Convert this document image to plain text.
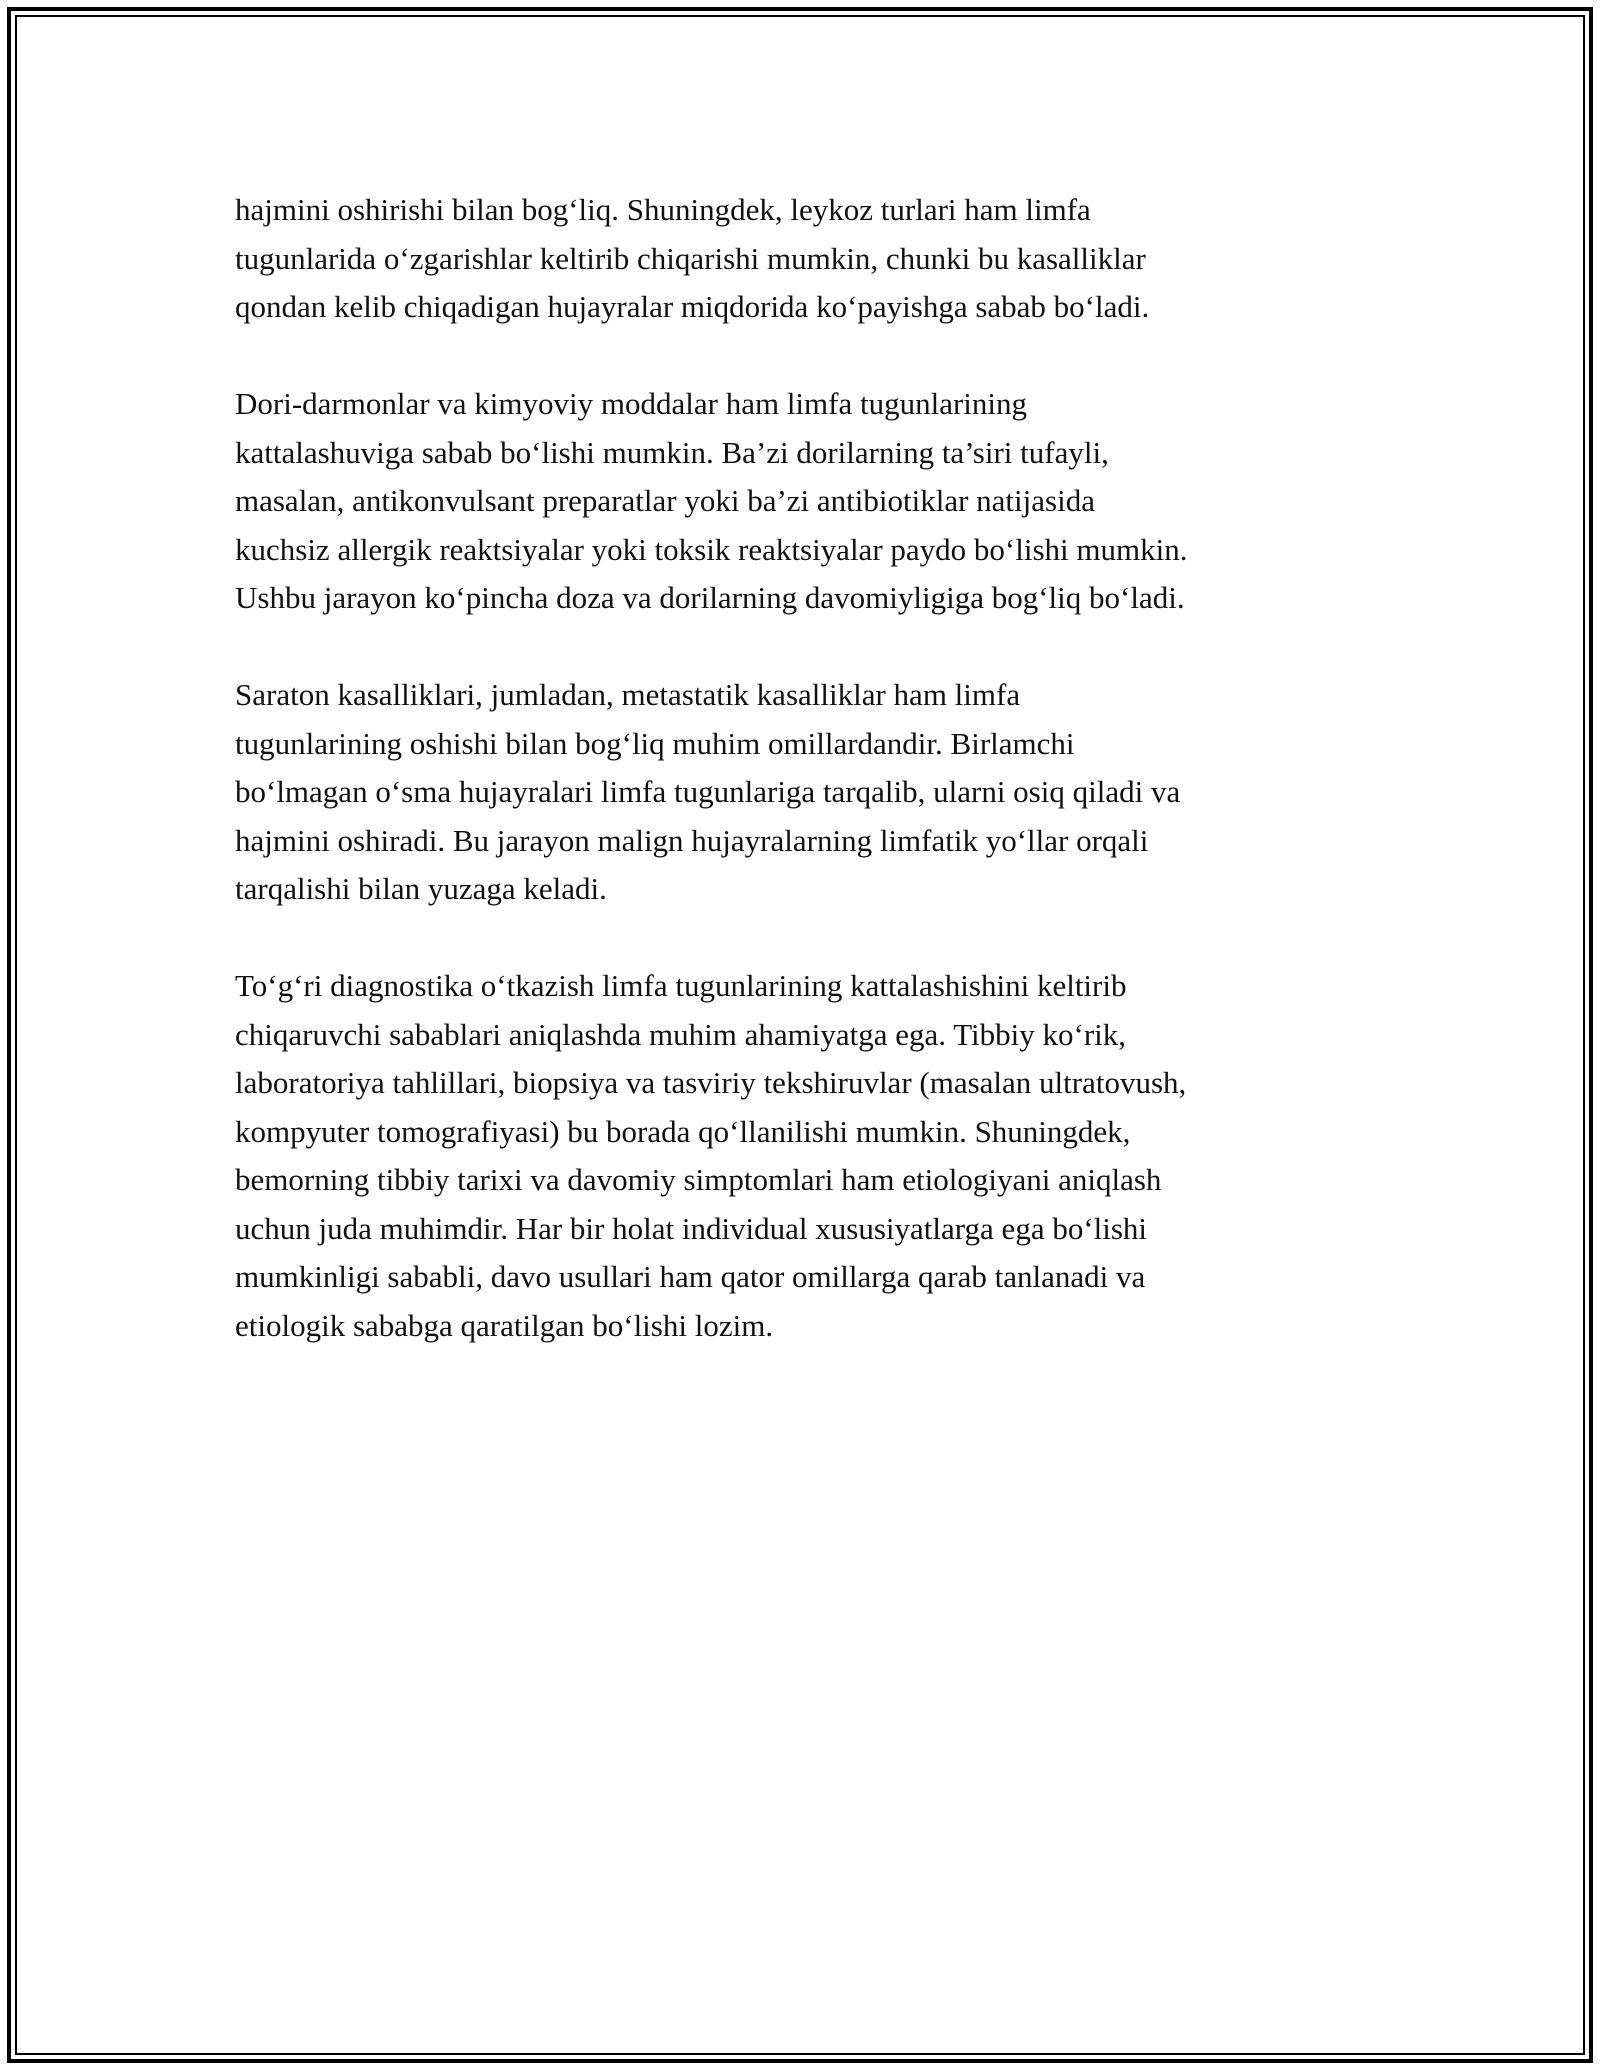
hajmini oshirishi bilan bog‘liq. Shuningdek, leykoz turlari ham limfa
tugunlarida o‘zgarishlar keltirib chiqarishi mumkin, chunki bu kasalliklar
qondan kelib chiqadigan hujayralar miqdorida ko‘payishga sabab bo‘ladi.

Dori-darmonlar va kimyoviy moddalar ham limfa tugunlarining
kattalashuviga sabab bo‘lishi mumkin. Ba’zi dorilarning ta’siri tufayli,
masalan, antikonvulsant preparatlar yoki ba’zi antibiotiklar natijasida
kuchsiz allergik reaktsiyalar yoki toksik reaktsiyalar paydo bo‘lishi mumkin.
Ushbu jarayon ko‘pincha doza va dorilarning davomiyligiga bog‘liq bo‘ladi.

Saraton kasalliklari, jumladan, metastatik kasalliklar ham limfa
tugunlarining oshishi bilan bog‘liq muhim omillardandir. Birlamchi
bo‘lmagan o‘sma hujayralari limfa tugunlariga tarqalib, ularni osiq qiladi va
hajmini oshiradi. Bu jarayon malign hujayralarning limfatik yo‘llar orqali
tarqalishi bilan yuzaga keladi.

To‘g‘ri diagnostika o‘tkazish limfa tugunlarining kattalashishini keltirib
chiqaruvchi sabablari aniqlashda muhim ahamiyatga ega. Tibbiy ko‘rik,
laboratoriya tahlillari, biopsiya va tasviriy tekshiruvlar (masalan ultratovush,
kompyuter tomografiyasi) bu borada qo‘llanilishi mumkin. Shuningdek,
bemorning tibbiy tarixi va davomiy simptomlari ham etiologiyani aniqlash
uchun juda muhimdir. Har bir holat individual xususiyatlarga ega bo‘lishi
mumkinligi sababli, davo usullari ham qator omillarga qarab tanlanadi va
etiologik sababga qaratilgan bo‘lishi lozim.
